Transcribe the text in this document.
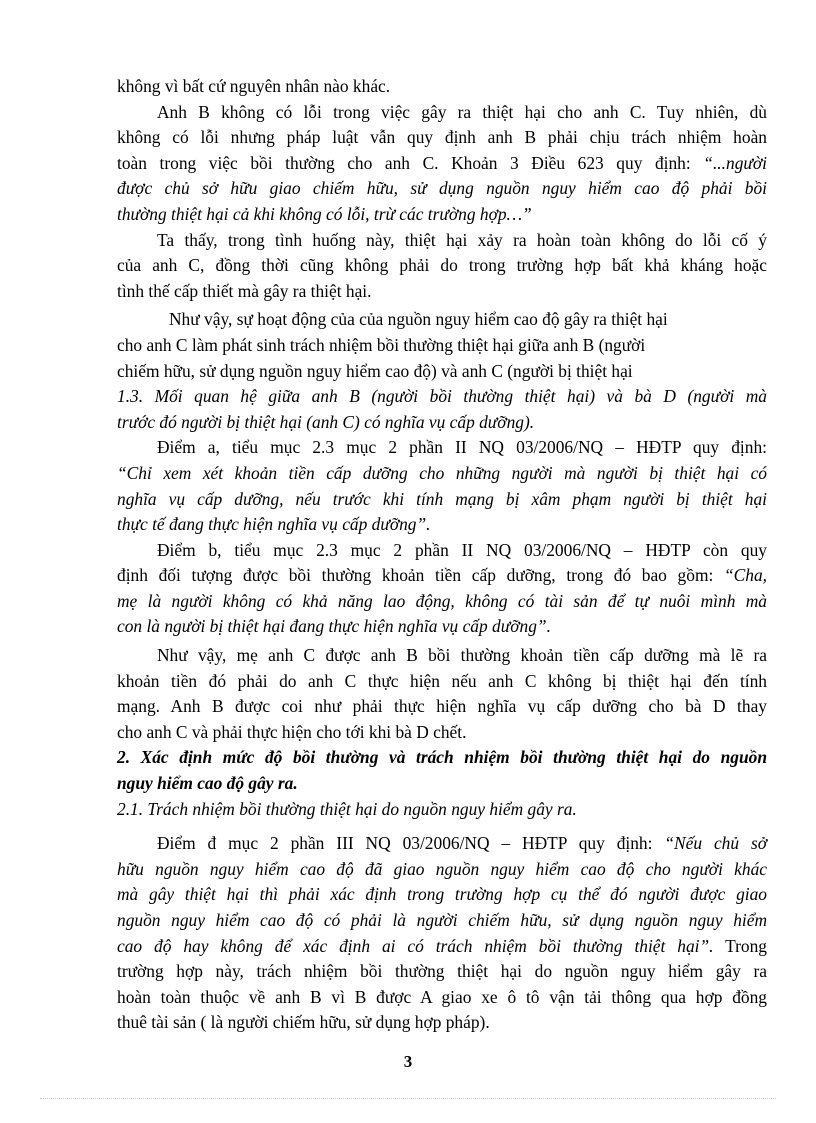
không vì bất cứ nguyên nhân nào khác.
Anh B không có lỗi trong việc gây ra thiệt hại cho anh C. Tuy nhiên, dù
không có lỗi nhưng pháp luật vẫn quy định anh B phải chịu trách nhiệm hoàn
toàn trong việc bồi thường cho anh C. Khoản 3 Điều 623 quy định: “...người
được chủ sở hữu giao chiếm hữu, sử dụng nguồn nguy hiểm cao độ phải bồi
thường thiệt hại cả khi không có lỗi, trừ các trường hợp…”
Ta thấy, trong tình huống này, thiệt hại xảy ra hoàn toàn không do lỗi cố ý
của anh C, đồng thời cũng không phải do trong trường hợp bất khả kháng hoặc
tình thế cấp thiết mà gây ra thiệt hại.
Như vậy, sự hoạt động của của nguồn nguy hiểm cao độ gây ra thiệt hại
cho anh C làm phát sinh trách nhiệm bồi thường thiệt hại giữa anh B (người
chiếm hữu, sử dụng nguồn nguy hiểm cao độ) và anh C (người bị thiệt hại
1.3. Mối quan hệ giữa anh B (người bồi thường thiệt hại) và bà D (người mà
trước đó người bị thiệt hại (anh C) có nghĩa vụ cấp dưỡng).
Điểm a, tiểu mục 2.3 mục 2 phần II NQ 03/2006/NQ – HĐTP quy định:
“Chỉ xem xét khoản tiền cấp dưỡng cho những người mà người bị thiệt hại có
nghĩa vụ cấp dưỡng, nếu trước khi tính mạng bị xâm phạm người bị thiệt hại
thực tế đang thực hiện nghĩa vụ cấp dưỡng”.
Điểm b, tiểu mục 2.3 mục 2 phần II NQ 03/2006/NQ – HĐTP còn quy
định đối tượng được bồi thường khoản tiền cấp dưỡng, trong đó bao gồm: “Cha,
mẹ là người không có khả năng lao động, không có tài sản để tự nuôi mình mà
con là người bị thiệt hại đang thực hiện nghĩa vụ cấp dưỡng”.
Như vậy, mẹ anh C được anh B bồi thường khoản tiền cấp dưỡng mà lẽ ra
khoản tiền đó phải do anh C thực hiện nếu anh C không bị thiệt hại đến tính
mạng. Anh B được coi như phải thực hiện nghĩa vụ cấp dưỡng cho bà D thay
cho anh C và phải thực hiện cho tới khi bà D chết.
2. Xác định mức độ bồi thường và trách nhiệm bồi thường thiệt hại do nguồn
nguy hiểm cao độ gây ra.
2.1. Trách nhiệm bồi thường thiệt hại do nguồn nguy hiểm gây ra.
Điểm đ mục 2 phần III NQ 03/2006/NQ – HĐTP quy định: “Nếu chủ sở
hữu nguồn nguy hiểm cao độ đã giao nguồn nguy hiểm cao độ cho người khác
mà gây thiệt hại thì phải xác định trong trường hợp cụ thể đó người được giao
nguồn nguy hiểm cao độ có phải là người chiếm hữu, sử dụng nguồn nguy hiểm
cao độ hay không để xác định ai có trách nhiệm bồi thường thiệt hại”. Trong
trường hợp này, trách nhiệm bồi thường thiệt hại do nguồn nguy hiểm gây ra
hoàn toàn thuộc về anh B vì B được A giao xe ô tô vận tải thông qua hợp đồng
thuê tài sản ( là người chiếm hữu, sử dụng hợp pháp).
3
